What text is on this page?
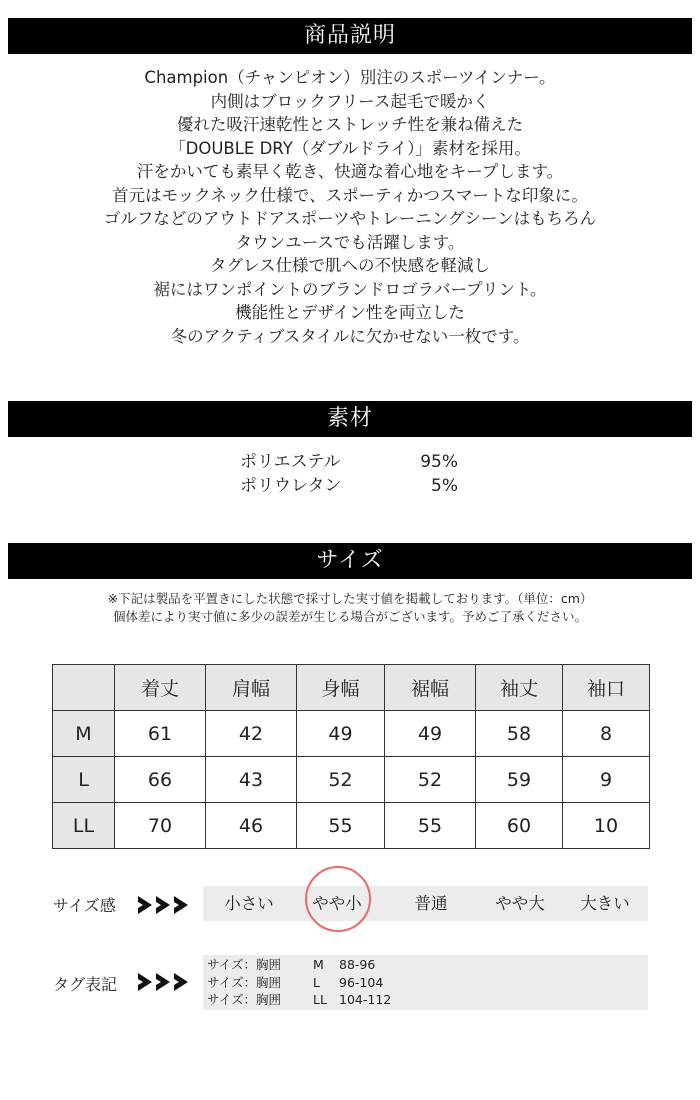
商品説明
Champion（チャンピオン）別注のスポーツインナー。
内側はブロックフリース起毛で暖かく
優れた吸汗速乾性とストレッチ性を兼ね備えた
「DOUBLE DRY（ダブルドライ）」素材を採用。
汗をかいても素早く乾き、快適な着心地をキープします。
首元はモックネック仕様で、スポーティかつスマートな印象に。
ゴルフなどのアウトドアスポーツやトレーニングシーンはもちろん
タウンユースでも活躍します。
タグレス仕様で肌への不快感を軽減し
裾にはワンポイントのブランドロゴラバープリント。
機能性とデザイン性を両立した
冬のアクティブスタイルに欠かせない一枚です。
素材
ポリエステル	95%
ポリウレタン	5%
サイズ
※下記は製品を平置きにした状態で採寸した実寸値を掲載しております。（単位：cm）
個体差により実寸値に多少の誤差が生じる場合がございます。予めご了承ください。
	着丈	肩幅	身幅	裾幅	袖丈	袖口
M	61	42	49	49	58	8
L	66	43	52	52	59	9
LL	70	46	55	55	60	10
サイズ感	小さい	やや小	普通	やや大	大きい
タグ表記
サイズ：胸囲	M 88-96
サイズ：胸囲	L 96-104
サイズ：胸囲	LL 104-112
